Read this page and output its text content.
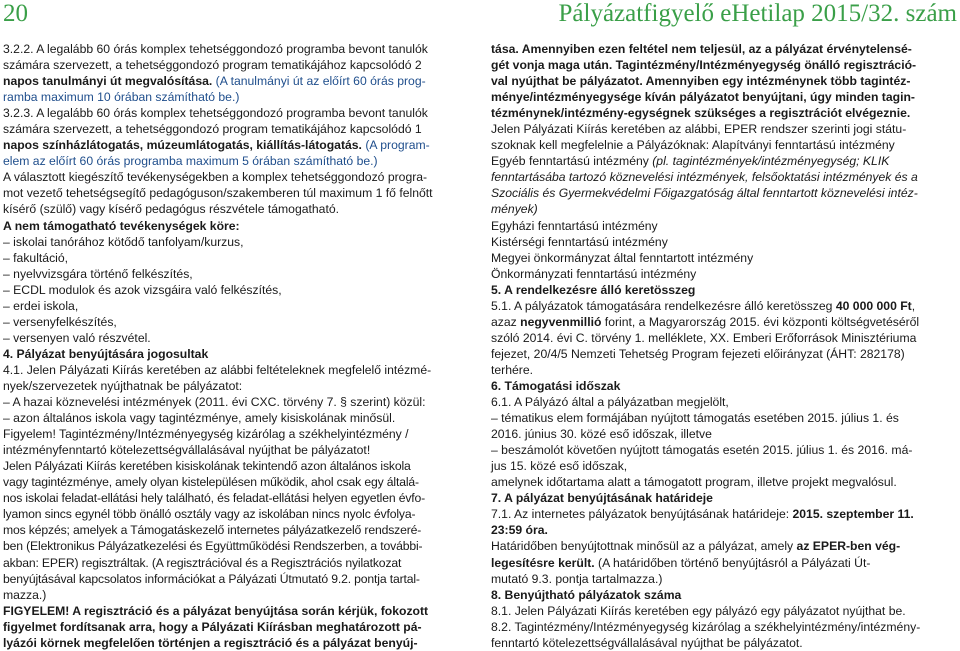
20	Pályázatfigyelő eHetilap 2015/32. szám

3.2.2. A legalább 60 órás komplex tehetséggondozó programba bevont tanulók

számára szervezett, a tehetséggondozó program tematikájához kapcsolódó 2

napos tanulmányi út megvalósítása. (A tanulmányi út az előírt 60 órás prog-

ramba maximum 10 órában számítható be.)

3.2.3. A legalább 60 órás komplex tehetséggondozó programba bevont tanulók

számára szervezett, a tehetséggondozó program tematikájához kapcsolódó 1

napos színházlátogatás, múzeumlátogatás, kiállítás-látogatás. (A program-

elem az előírt 60 órás programba maximum 5 órában számítható be.)

A választott kiegészítő tevékenységekben a komplex tehetséggondozó progra-

mot vezető tehetségsegítő pedagóguson/szakemberen túl maximum 1 fő felnőtt

kísérő (szülő) vagy kísérő pedagógus részvétele támogatható.

A nem támogatható tevékenységek köre:

– iskolai tanórához kötődő tanfolyam/kurzus,

– fakultáció,

– nyelvvizsgára történő felkészítés,

– ECDL modulok és azok vizsgáira való felkészítés,

– erdei iskola,

– versenyfelkészítés,

– versenyen való részvétel.

4. Pályázat benyújtására jogosultak

4.1. Jelen Pályázati Kiírás keretében az alábbi feltételeknek megfelelő intézmé-

nyek/szervezetek nyújthatnak be pályázatot:

– A hazai köznevelési intézmények (2011. évi CXC. törvény 7. § szerint) közül:

– azon általános iskola vagy tagintézménye, amely kisiskolának minősül.

Figyelem! Tagintézmény/Intézményegység kizárólag a székhelyintézmény /

intézményfenntartó kötelezettségvállalásával nyújthat be pályázatot!

Jelen Pályázati Kiírás keretében kisiskolának tekintendő azon általános iskola

vagy tagintézménye, amely olyan kistelepülésen működik, ahol csak egy általá-

nos iskolai feladat-ellátási hely található, és feladat-ellátási helyen egyetlen évfo-

lyamon sincs egynél több önálló osztály vagy az iskolában nincs nyolc évfolya-

mos képzés; amelyek a Támogatáskezelő internetes pályázatkezelő rendszeré-

ben (Elektronikus Pályázatkezelési és Együttműködési Rendszerben, a további-

akban: EPER) regisztráltak. (A regisztrációval és a Regisztrációs nyilatkozat

benyújtásával kapcsolatos információkat a Pályázati Útmutató 9.2. pontja tartal-

mazza.)

FIGYELEM! A regisztráció és a pályázat benyújtása során kérjük, fokozott

figyelmet fordítsanak arra, hogy a Pályázati Kiírásban meghatározott pá-

lyázói körnek megfelelően történjen a regisztráció és a pályázat benyúj-

tása. Amennyiben ezen feltétel nem teljesül, az a pályázat érvénytelensé-

gét vonja maga után. Tagintézmény/Intézményegység önálló regisztráció-

val nyújthat be pályázatot. Amennyiben egy intézménynek több tagintéz-

ménye/intézményegysége kíván pályázatot benyújtani, úgy minden tagin-

tézménynek/intézmény-egységnek szükséges a regisztrációt elvégeznie.

Jelen Pályázati Kiírás keretében az alábbi, EPER rendszer szerinti jogi státu-

szoknak kell megfelelnie a Pályázóknak: Alapítványi fenntartású intézmény

Egyéb fenntartású intézmény (pl. tagintézmények/intézményegység; KLIK

fenntartásába tartozó köznevelési intézmények, felsőoktatási intézmények és a

Szociális és Gyermekvédelmi Főigazgatóság által fenntartott köznevelési intéz-

mények)

Egyházi fenntartású intézmény

Kistérségi fenntartású intézmény

Megyei önkormányzat által fenntartott intézmény

Önkormányzati fenntartású intézmény

5. A rendelkezésre álló keretösszeg

5.1. A pályázatok támogatására rendelkezésre álló keretösszeg 40 000 000 Ft,

azaz negyvenmillió forint, a Magyarország 2015. évi központi költségvetéséről

szóló 2014. évi C. törvény 1. melléklete, XX. Emberi Erőforrások Minisztériuma

fejezet, 20/4/5 Nemzeti Tehetség Program fejezeti előirányzat (ÁHT: 282178)

terhére.

6. Támogatási időszak

6.1. A Pályázó által a pályázatban megjelölt,

– tématikus elem formájában nyújtott támogatás esetében 2015. július 1. és

2016. június 30. közé eső időszak, illetve

– beszámolót követően nyújtott támogatás esetén 2015. július 1. és 2016. má-

jus 15. közé eső időszak,

amelynek időtartama alatt a támogatott program, illetve projekt megvalósul.

7. A pályázat benyújtásának határideje

7.1. Az internetes pályázatok benyújtásának határideje: 2015. szeptember 11.

23:59 óra.

Határidőben benyújtottnak minősül az a pályázat, amely az EPER-ben vég-

legesítésre került. (A határidőben történő benyújtásról a Pályázati Út-

mutató 9.3. pontja tartalmazza.)

8. Benyújtható pályázatok száma

8.1. Jelen Pályázati Kiírás keretében egy pályázó egy pályázatot nyújthat be.

8.2. Tagintézmény/Intézményegység kizárólag a székhelyintézmény/intézmény-

fenntartó kötelezettségvállalásával nyújthat be pályázatot.
